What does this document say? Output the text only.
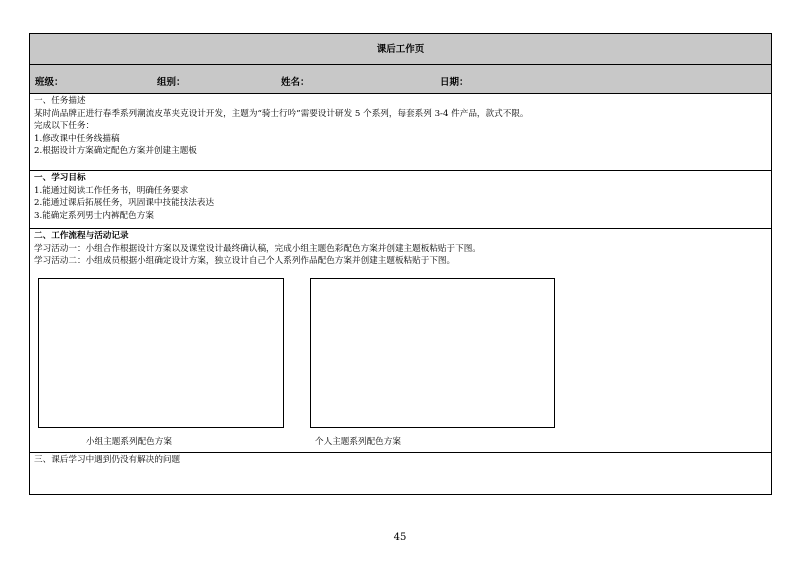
课后工作页
班级：	组别：	姓名：	日期：
一、任务描述
某时尚品牌正进行春季系列潮流皮革夹克设计开发，主题为“骑士行吟”需要设计研发 5 个系列，每套系列 3-4 件产品，款式不限。
完成以下任务：
1.修改课中任务线描稿
2.根据设计方案确定配色方案并创建主题板
一、学习目标
1.能通过阅读工作任务书，明确任务要求
2.能通过课后拓展任务，巩固课中技能技法表达
3.能确定系列男士内裤配色方案
二、工作流程与活动记录
学习活动一：小组合作根据设计方案以及课堂设计最终确认稿，完成小组主题色彩配色方案并创建主题板粘贴于下图。
学习活动二：小组成员根据小组确定设计方案，独立设计自己个人系列作品配色方案并创建主题板粘贴于下图。
小组主题系列配色方案	个人主题系列配色方案
三、课后学习中遇到仍没有解决的问题
45
